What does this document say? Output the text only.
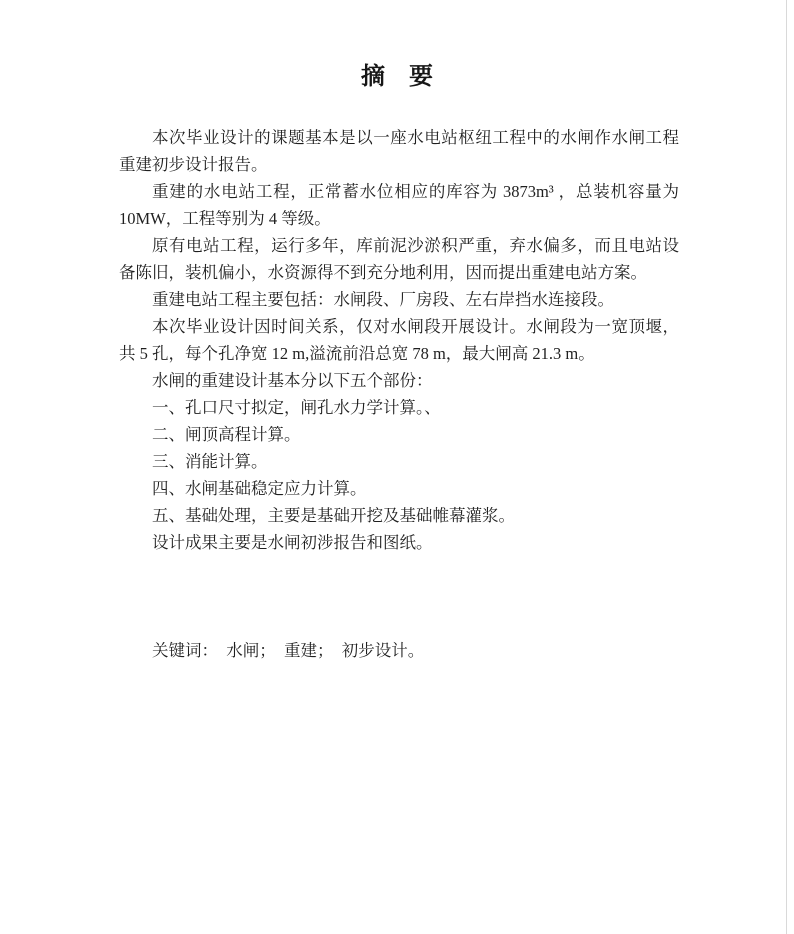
摘　要

本次毕业设计的课题基本是以一座水电站枢纽工程中的水闸作水闸工程重建初步设计报告。

重建的水电站工程，正常蓄水位相应的库容为 3873m³ ，总装机容量为 10MW，工程等别为 4 等级。

原有电站工程，运行多年，库前泥沙淤积严重，弃水偏多，而且电站设备陈旧，装机偏小，水资源得不到充分地利用，因而提出重建电站方案。

重建电站工程主要包括：水闸段、厂房段、左右岸挡水连接段。

本次毕业设计因时间关系，仅对水闸段开展设计。水闸段为一宽顶堰，共 5 孔，每个孔净宽 12 m,溢流前沿总宽 78 m，最大闸高 21.3 m。

水闸的重建设计基本分以下五个部份：

一、孔口尺寸拟定，闸孔水力学计算。、

二、闸顶高程计算。

三、消能计算。

四、水闸基础稳定应力计算。

五、基础处理，主要是基础开挖及基础帷幕灌浆。

设计成果主要是水闸初涉报告和图纸。

关键词：　水闸；　重建；　初步设计。
